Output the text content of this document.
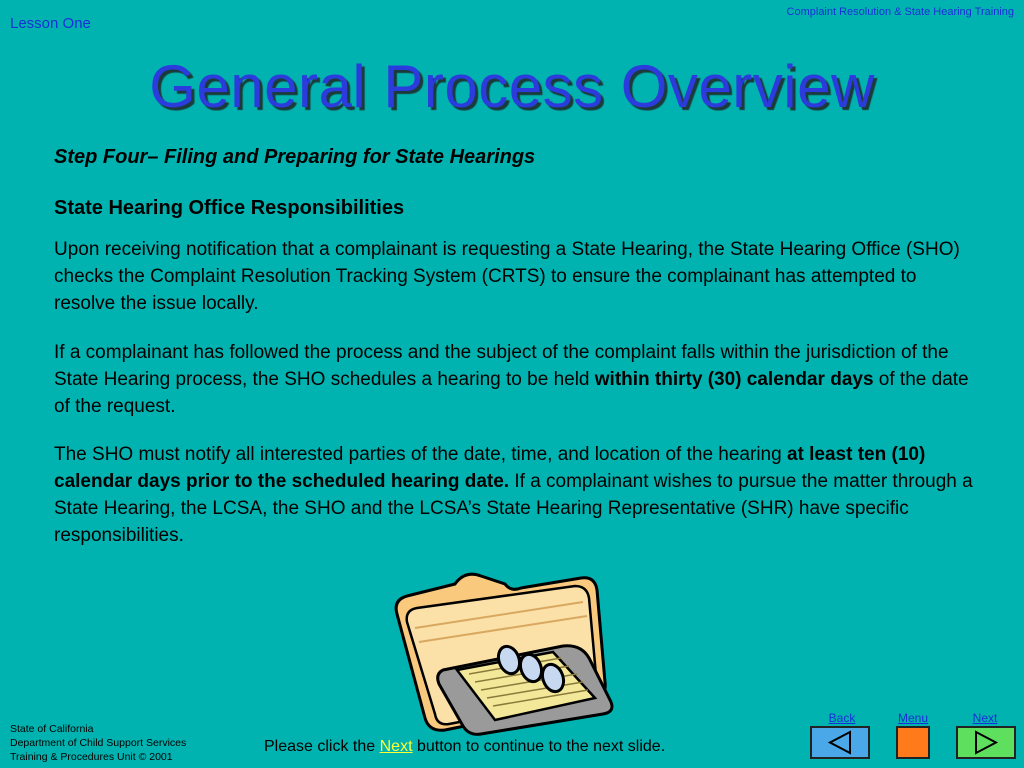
Lesson One
Complaint Resolution & State Hearing Training
General Process Overview
Step Four– Filing and Preparing for State Hearings
State Hearing Office Responsibilities
Upon receiving notification that a complainant is requesting a State Hearing, the State Hearing Office (SHO) checks the Complaint Resolution Tracking System (CRTS) to ensure the complainant has attempted to resolve the issue locally.
If a complainant has followed the process and the subject of the complaint falls within the jurisdiction of the State Hearing process, the SHO schedules a hearing to be held within thirty (30) calendar days of the date of the request.
The SHO must notify all interested parties of the date, time, and location of the hearing at least ten (10) calendar days prior to the scheduled hearing date. If a complainant wishes to pursue the matter through a State Hearing, the LCSA, the SHO and the LCSA’s State Hearing Representative (SHR) have specific responsibilities.
State of California
Department of Child Support Services
Training & Procedures Unit © 2001
Please click the Next button to continue to the next slide.
Back	Menu	Next
